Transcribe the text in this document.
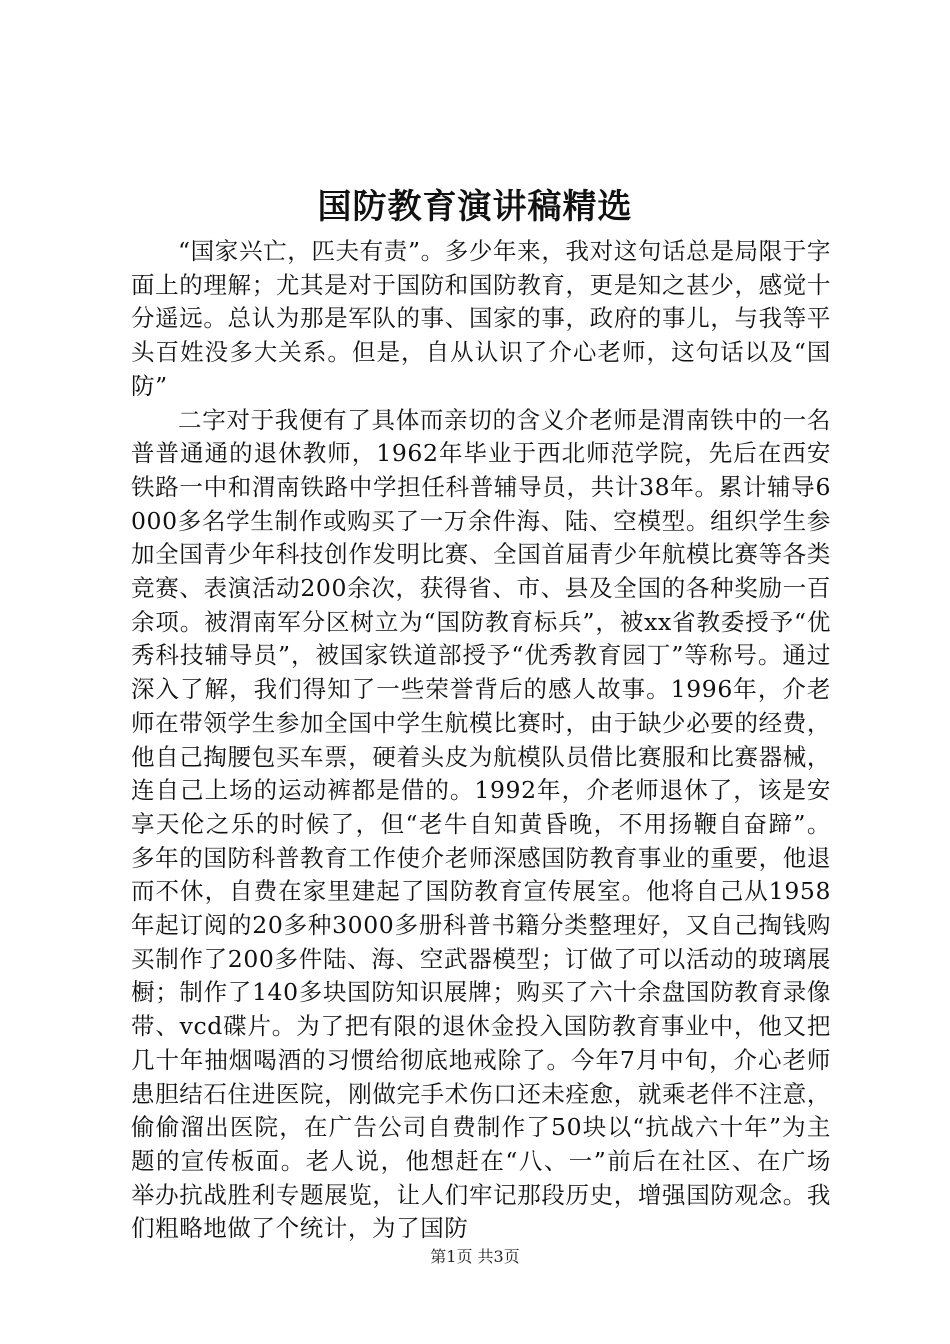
国防教育演讲稿精选

“国家兴亡，匹夫有责”。多少年来，我对这句话总是局限于字面上的理解；尤其是对于国防和国防教育，更是知之甚少，感觉十分遥远。总认为那是军队的事、国家的事，政府的事儿，与我等平头百姓没多大关系。但是，自从认识了介心老师，这句话以及“国防”

二字对于我便有了具体而亲切的含义介老师是渭南铁中的一名普普通通的退休教师，1962年毕业于西北师范学院，先后在西安铁路一中和渭南铁路中学担任科普辅导员，共计38年。累计辅导6000多名学生制作或购买了一万余件海、陆、空模型。组织学生参加全国青少年科技创作发明比赛、全国首届青少年航模比赛等各类竞赛、表演活动200余次，获得省、市、县及全国的各种奖励一百余项。被渭南军分区树立为“国防教育标兵”，被xx省教委授予“优秀科技辅导员”，被国家铁道部授予“优秀教育园丁”等称号。通过深入了解，我们得知了一些荣誉背后的感人故事。1996年，介老师在带领学生参加全国中学生航模比赛时，由于缺少必要的经费，他自己掏腰包买车票，硬着头皮为航模队员借比赛服和比赛器械，连自己上场的运动裤都是借的。1992年，介老师退休了，该是安享天伦之乐的时候了，但“老牛自知黄昏晚，不用扬鞭自奋蹄”。多年的国防科普教育工作使介老师深感国防教育事业的重要，他退而不休，自费在家里建起了国防教育宣传展室。他将自己从1958年起订阅的20多种3000多册科普书籍分类整理好，又自己掏钱购买制作了200多件陆、海、空武器模型；订做了可以活动的玻璃展橱；制作了140多块国防知识展牌；购买了六十余盘国防教育录像带、vcd碟片。为了把有限的退休金投入国防教育事业中，他又把几十年抽烟喝酒的习惯给彻底地戒除了。今年7月中旬，介心老师患胆结石住进医院，刚做完手术伤口还未痊愈，就乘老伴不注意，偷偷溜出医院，在广告公司自费制作了50块以“抗战六十年”为主题的宣传板面。老人说，他想赶在“八、一”前后在社区、在广场举办抗战胜利专题展览，让人们牢记那段历史，增强国防观念。我们粗略地做了个统计，为了国防

第1页 共3页
